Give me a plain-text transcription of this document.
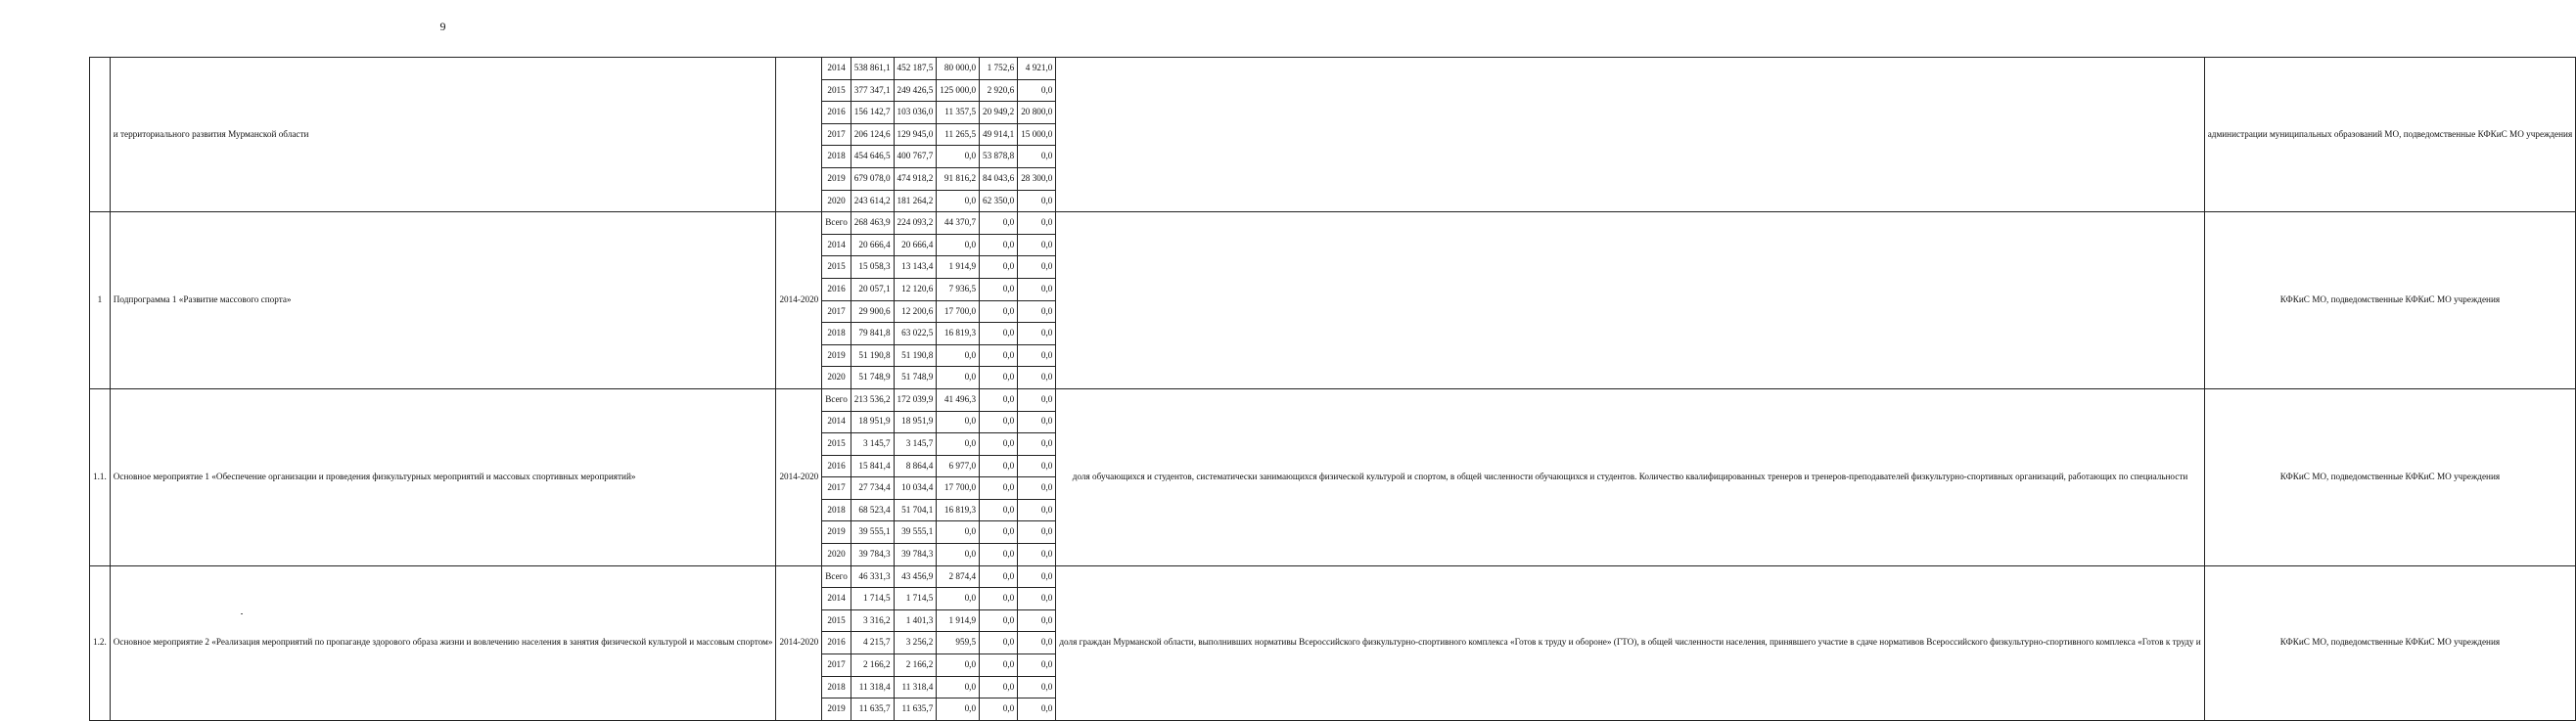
9
	и территориального развития Мурманской области		2014	538 861,1	452 187,5	80 000,0	1 752,6	4 921,0		администрации муниципальных образований МО, подведомственные КФКиС МО учреждения
			2015	377 347,1	249 426,5	125 000,0	2 920,6	0,0		
			2016	156 142,7	103 036,0	11 357,5	20 949,2	20 800,0		
			2017	206 124,6	129 945,0	11 265,5	49 914,1	15 000,0		
			2018	454 646,5	400 767,7	0,0	53 878,8	0,0		
			2019	679 078,0	474 918,2	91 816,2	84 043,6	28 300,0		
			2020	243 614,2	181 264,2	0,0	62 350,0	0,0		
1	Подпрограмма 1 «Развитие массового спорта»	2014-2020	Всего	268 463,9	224 093,2	44 370,7	0,0	0,0		КФКиС МО, подведомственные КФКиС МО учреждения
			2014	20 666,4	20 666,4	0,0	0,0	0,0		
			2015	15 058,3	13 143,4	1 914,9	0,0	0,0		
			2016	20 057,1	12 120,6	7 936,5	0,0	0,0		
			2017	29 900,6	12 200,6	17 700,0	0,0	0,0		
			2018	79 841,8	63 022,5	16 819,3	0,0	0,0		
			2019	51 190,8	51 190,8	0,0	0,0	0,0		
			2020	51 748,9	51 748,9	0,0	0,0	0,0		
1.1.	Основное мероприятие 1 «Обеспечение организации и проведения физкультурных мероприятий и массовых спортивных мероприятий»	2014-2020	Всего	213 536,2	172 039,9	41 496,3	0,0	0,0	доля обучающихся и студентов, систематически занимающихся физической культурой и спортом, в общей численности обучающихся и студентов. Количество квалифицированных тренеров и тренеров-преподавателей физкультурно-спортивных организаций, работающих по специальности	КФКиС МО, подведомственные КФКиС МО учреждения
			2014	18 951,9	18 951,9	0,0	0,0	0,0		
			2015	3 145,7	3 145,7	0,0	0,0	0,0		
			2016	15 841,4	8 864,4	6 977,0	0,0	0,0		
			2017	27 734,4	10 034,4	17 700,0	0,0	0,0		
			2018	68 523,4	51 704,1	16 819,3	0,0	0,0		
			2019	39 555,1	39 555,1	0,0	0,0	0,0		
			2020	39 784,3	39 784,3	0,0	0,0	0,0		
1.2.	Основное мероприятие 2 «Реализация мероприятий по пропаганде здорового образа жизни и вовлечению населения в занятия физической культурой и массовым спортом»	2014-2020	Всего	46 331,3	43 456,9	2 874,4	0,0	0,0	доля граждан Мурманской области, выполнивших нормативы Всероссийского физкультурно-спортивного комплекса «Готов к труду и обороне» (ГТО), в общей численности населения, принявшего участие в сдаче нормативов Всероссийского физкультурно-спортивного комплекса «Готов к труду и	КФКиС МО, подведомственные КФКиС МО учреждения
			2014	1 714,5	1 714,5	0,0	0,0	0,0		
			2015	3 316,2	1 401,3	1 914,9	0,0	0,0		
			2016	4 215,7	3 256,2	959,5	0,0	0,0		
			2017	2 166,2	2 166,2	0,0	0,0	0,0		
			2018	11 318,4	11 318,4	0,0	0,0	0,0		
			2019	11 635,7	11 635,7	0,0	0,0	0,0		
